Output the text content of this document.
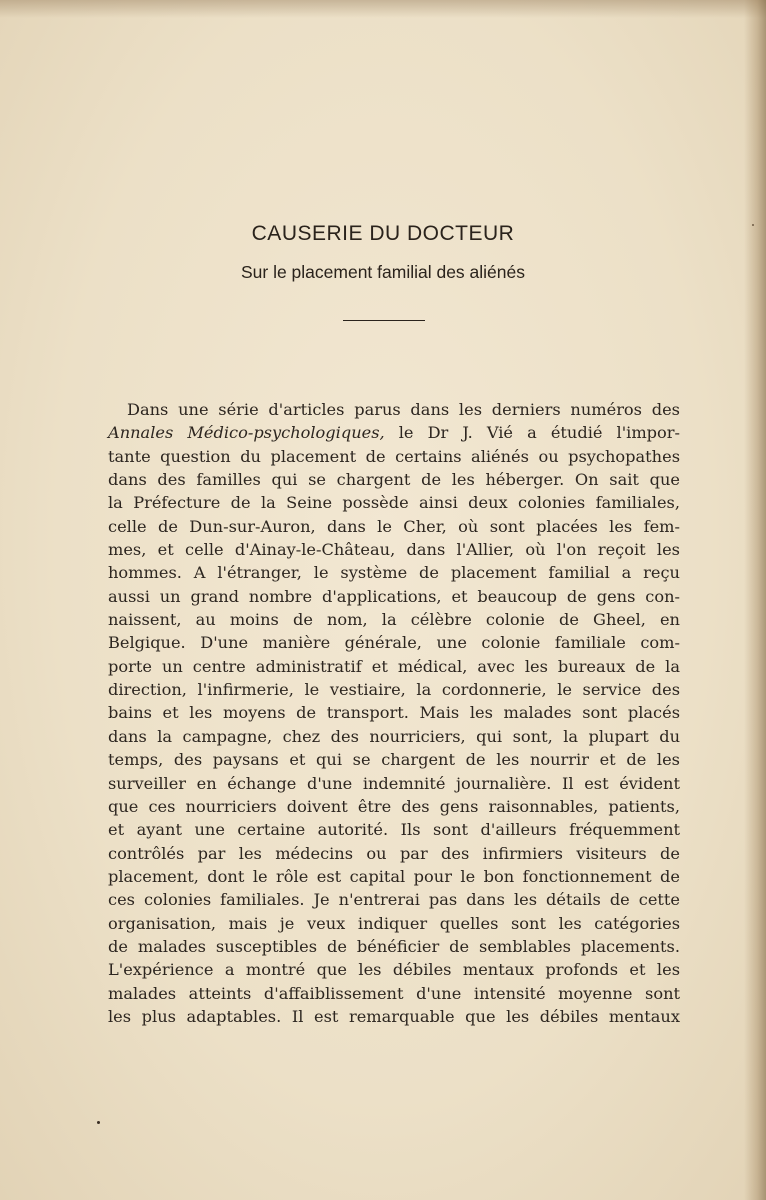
CAUSERIE DU DOCTEUR
Sur le placement familial des aliénés
Dans une série d'articles parus dans les derniers numéros des
Annales Médico-psychologiques, le Dr J. Vié a étudié l'impor-
tante question du placement de certains aliénés ou psychopathes
dans des familles qui se chargent de les héberger. On sait que
la Préfecture de la Seine possède ainsi deux colonies familiales,
celle de Dun-sur-Auron, dans le Cher, où sont placées les fem-
mes, et celle d'Ainay-le-Château, dans l'Allier, où l'on reçoit les
hommes. A l'étranger, le système de placement familial a reçu
aussi un grand nombre d'applications, et beaucoup de gens con-
naissent, au moins de nom, la célèbre colonie de Gheel, en
Belgique. D'une manière générale, une colonie familiale com-
porte un centre administratif et médical, avec les bureaux de la
direction, l'infirmerie, le vestiaire, la cordonnerie, le service des
bains et les moyens de transport. Mais les malades sont placés
dans la campagne, chez des nourriciers, qui sont, la plupart du
temps, des paysans et qui se chargent de les nourrir et de les
surveiller en échange d'une indemnité journalière. Il est évident
que ces nourriciers doivent être des gens raisonnables, patients,
et ayant une certaine autorité. Ils sont d'ailleurs fréquemment
contrôlés par les médecins ou par des infirmiers visiteurs de
placement, dont le rôle est capital pour le bon fonctionnement de
ces colonies familiales. Je n'entrerai pas dans les détails de cette
organisation, mais je veux indiquer quelles sont les catégories
de malades susceptibles de bénéficier de semblables placements.
L'expérience a montré que les débiles mentaux profonds et les
malades atteints d'affaiblissement d'une intensité moyenne sont
les plus adaptables. Il est remarquable que les débiles mentaux
